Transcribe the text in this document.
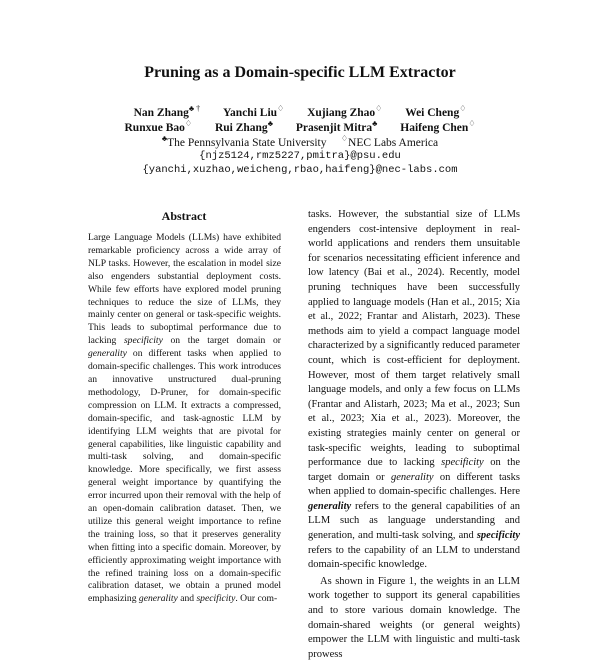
Pruning as a Domain-specific LLM Extractor
Nan Zhang♣ † Yanchi Liu♢ Xujiang Zhao♢ Wei Cheng♢
Runxue Bao♢ Rui Zhang♣ Prasenjit Mitra♣ Haifeng Chen♢
♣The Pennsylvania State University ♢NEC Labs America
{njz5124,rmz5227,pmitra}@psu.edu
{yanchi,xuzhao,weicheng,rbao,haifeng}@nec-labs.com
Abstract
Large Language Models (LLMs) have exhibited remarkable proficiency across a wide array of NLP tasks. However, the escalation in model size also engenders substantial deployment costs. While few efforts have explored model pruning techniques to reduce the size of LLMs, they mainly center on general or task-specific weights. This leads to suboptimal performance due to lacking specificity on the target domain or generality on different tasks when applied to domain-specific challenges. This work introduces an innovative unstructured dual-pruning methodology, D-Pruner, for domain-specific compression on LLM. It extracts a compressed, domain-specific, and task-agnostic LLM by identifying LLM weights that are pivotal for general capabilities, like linguistic capability and multi-task solving, and domain-specific knowledge. More specifically, we first assess general weight importance by quantifying the error incurred upon their removal with the help of an open-domain calibration dataset. Then, we utilize this general weight importance to refine the training loss, so that it preserves generality when fitting into a specific domain. Moreover, by efficiently approximating weight importance with the refined training loss on a domain-specific calibration dataset, we obtain a pruned model emphasizing generality and specificity. Our com-

tasks. However, the substantial size of LLMs engenders cost-intensive deployment in real-world applications and renders them unsuitable for scenarios necessitating efficient inference and low latency (Bai et al., 2024). Recently, model pruning techniques have been successfully applied to language models (Han et al., 2015; Xia et al., 2022; Frantar and Alistarh, 2023). These methods aim to yield a compact language model characterized by a significantly reduced parameter count, which is cost-efficient for deployment. However, most of them target relatively small language models, and only a few focus on LLMs (Frantar and Alistarh, 2023; Ma et al., 2023; Sun et al., 2023; Xia et al., 2023). Moreover, the existing strategies mainly center on general or task-specific weights, leading to suboptimal performance due to lacking specificity on the target domain or generality on different tasks when applied to domain-specific challenges. Here generality refers to the general capabilities of an LLM such as language understanding and generation, and multi-task solving, and specificity refers to the capability of an LLM to understand domain-specific knowledge.

As shown in Figure 1, the weights in an LLM work together to support its general capabilities and to store various domain knowledge. The domain-shared weights (or general weights) empower the LLM with linguistic and multi-task prowess
